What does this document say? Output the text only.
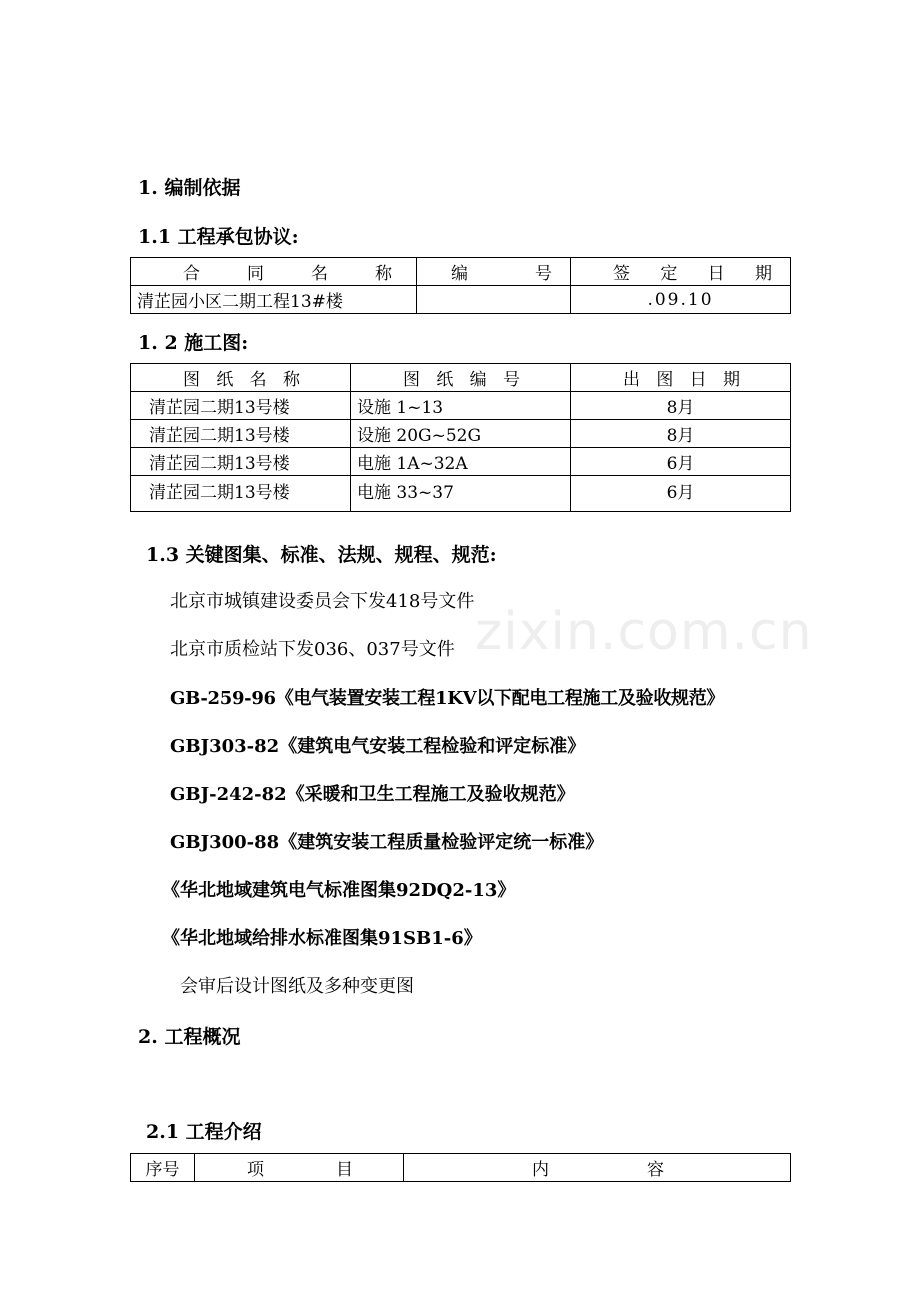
1. 编制依据
1.1 工程承包协议:
合同名称	编号	签定日期

清芷园小区二期工程13#楼		.09.10
1. 2 施工图:
图纸名称	图纸编号	出图日期

清芷园二期13号楼	设施 1~13	8月
清芷园二期13号楼	设施 20G~52G	8月
清芷园二期13号楼	电施 1A~32A	6月
清芷园二期13号楼	电施 33~37	6月
1.3 关键图集、标准、法规、规程、规范:
zixin.com.cn
北京市城镇建设委员会下发418号文件
北京市质检站下发036、037号文件
GB-259-96《电气装置安装工程1KV以下配电工程施工及验收规范》
GBJ303-82《建筑电气安装工程检验和评定标准》
GBJ-242-82《采暖和卫生工程施工及验收规范》
GBJ300-88《建筑安装工程质量检验评定统一标准》
《华北地域建筑电气标准图集92DQ2-13》
《华北地域给排水标准图集91SB1-6》
会审后设计图纸及多种变更图
2. 工程概况
2.1 工程介绍
序号	项目	内容
